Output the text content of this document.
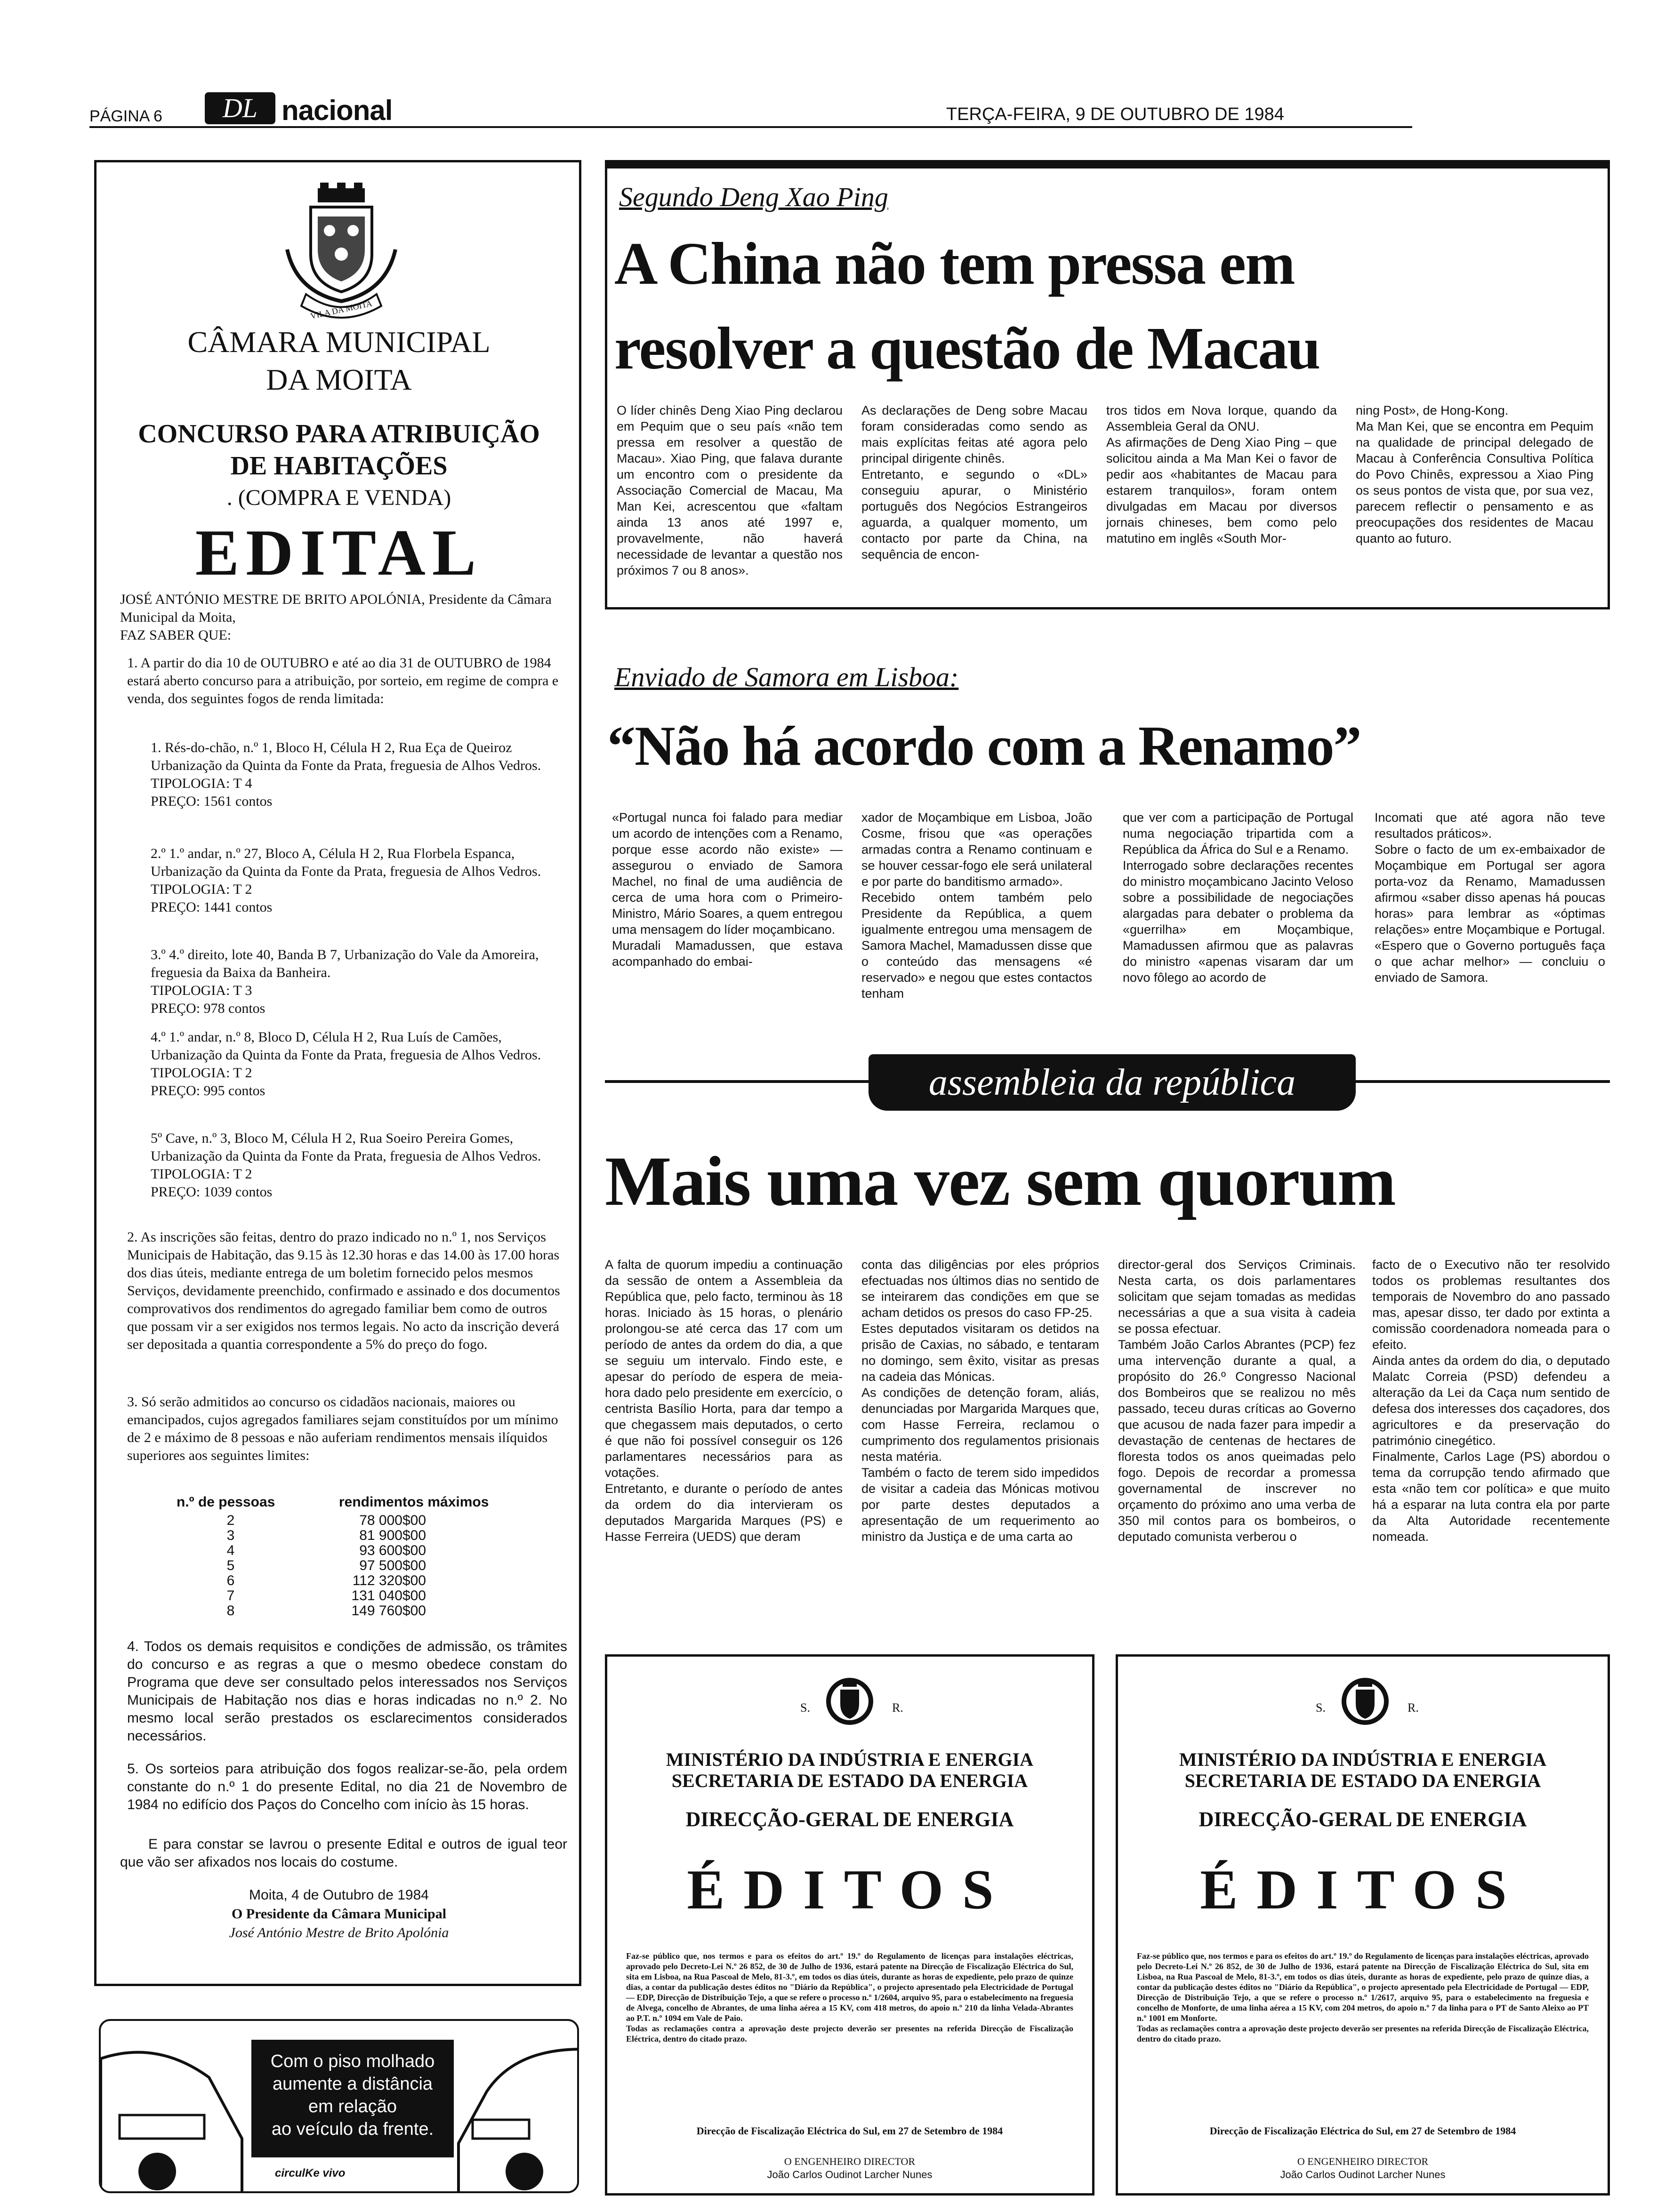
PÁGINA 6	DL nacional	TERÇA-FEIRA, 9 DE OUTUBRO DE 1984
VILA DA MOITA
CÂMARA MUNICIPAL
DA MOITA
CONCURSO PARA ATRIBUIÇÃO
DE HABITAÇÕES
. (COMPRA E VENDA)
EDITAL
JOSÉ ANTÓNIO MESTRE DE BRITO APOLÓNIA, Presidente da Câmara Municipal da Moita,
FAZ SABER QUE:
1. A partir do dia 10 de OUTUBRO e até ao dia 31 de OUTUBRO de 1984 estará aberto concurso para a atribuição, por sorteio, em regime de compra e venda, dos seguintes fogos de renda limitada:
1. Rés-do-chão, n.º 1, Bloco H, Célula H 2, Rua Eça de Queiroz Urbanização da Quinta da Fonte da Prata, freguesia de Alhos Vedros.
TIPOLOGIA: T 4
PREÇO: 1561 contos
2.º 1.º andar, n.º 27, Bloco A, Célula H 2, Rua Florbela Espanca, Urbanização da Quinta da Fonte da Prata, freguesia de Alhos Vedros.
TIPOLOGIA: T 2
PREÇO: 1441 contos
3.º 4.º direito, lote 40, Banda B 7, Urbanização do Vale da Amoreira, freguesia da Baixa da Banheira.
TIPOLOGIA: T 3
PREÇO: 978 contos
4.º 1.º andar, n.º 8, Bloco D, Célula H 2, Rua Luís de Camões, Urbanização da Quinta da Fonte da Prata, freguesia de Alhos Vedros.
TIPOLOGIA: T 2
PREÇO: 995 contos
5º Cave, n.º 3, Bloco M, Célula H 2, Rua Soeiro Pereira Gomes, Urbanização da Quinta da Fonte da Prata, freguesia de Alhos Vedros.
TIPOLOGIA: T 2
PREÇO: 1039 contos
2. As inscrições são feitas, dentro do prazo indicado no n.º 1, nos Serviços Municipais de Habitação, das 9.15 às 12.30 horas e das 14.00 às 17.00 horas dos dias úteis, mediante entrega de um boletim fornecido pelos mesmos Serviços, devidamente preenchido, confirmado e assinado e dos documentos comprovativos dos rendimentos do agregado familiar bem como de outros que possam vir a ser exigidos nos termos legais. No acto da inscrição deverá ser depositada a quantia correspondente a 5% do preço do fogo.
3. Só serão admitidos ao concurso os cidadãos nacionais, maiores ou emancipados, cujos agregados familiares sejam constituídos por um mínimo de 2 e máximo de 8 pessoas e não auferiam rendimentos mensais ilíquidos superiores aos seguintes limites:
n.º de pessoas	rendimentos máximos
2	78 000$00
3	81 900$00
4	93 600$00
5	97 500$00
6	112 320$00
7	131 040$00
8	149 760$00
4. Todos os demais requisitos e condições de admissão, os trâmites do concurso e as regras a que o mesmo obedece constam do Programa que deve ser consultado pelos interessados nos Serviços Municipais de Habitação nos dias e horas indicadas no n.º 2. No mesmo local serão prestados os esclarecimentos considerados necessários.
5. Os sorteios para atribuição dos fogos realizar-se-ão, pela ordem constante do n.º 1 do presente Edital, no dia 21 de Novembro de 1984 no edifício dos Paços do Concelho com início às 15 horas.
E para constar se lavrou o presente Edital e outros de igual teor que vão ser afixados nos locais do costume.
Moita, 4 de Outubro de 1984
O Presidente da Câmara Municipal
José António Mestre de Brito Apolónia
Com o piso molhado
aumente a distância
em relação
ao veículo da frente.
circulKe vivo
Segundo Deng Xao Ping
A China não tem pressa em
resolver a questão de Macau
O líder chinês Deng Xiao Ping declarou em Pequim que o seu país «não tem pressa em resolver a questão de Macau». Xiao Ping, que falava durante um encontro com o presidente da Associação Comercial de Macau, Ma Man Kei, acrescentou que «faltam ainda 13 anos até 1997 e, provavelmente, não haverá necessidade de levantar a questão nos próximos 7 ou 8 anos».
As declarações de Deng sobre Macau foram consideradas como sendo as mais explícitas feitas até agora pelo principal dirigente chinês.
Entretanto, e segundo o «DL» conseguiu apurar, o Ministério português dos Negócios Estrangeiros aguarda, a qualquer momento, um contacto por parte da China, na sequência de encon-
tros tidos em Nova Iorque, quando da Assembleia Geral da ONU.
As afirmações de Deng Xiao Ping – que solicitou ainda a Ma Man Kei o favor de pedir aos «habitantes de Macau para estarem tranquilos», foram ontem divulgadas em Macau por diversos jornais chineses, bem como pelo matutino em inglês «South Mor-
ning Post», de Hong-Kong.
Ma Man Kei, que se encontra em Pequim na qualidade de principal delegado de Macau à Conferência Consultiva Política do Povo Chinês, expressou a Xiao Ping os seus pontos de vista que, por sua vez, parecem reflectir o pensamento e as preocupações dos residentes de Macau quanto ao futuro.
Enviado de Samora em Lisboa:
“Não há acordo com a Renamo”
«Portugal nunca foi falado para mediar um acordo de intenções com a Renamo, porque esse acordo não existe» — assegurou o enviado de Samora Machel, no final de uma audiência de cerca de uma hora com o Primeiro-Ministro, Mário Soares, a quem entregou uma mensagem do líder moçambicano.
Muradali Mamadussen, que estava acompanhado do embai-
xador de Moçambique em Lisboa, João Cosme, frisou que «as operações armadas contra a Renamo continuam e se houver cessar-fogo ele será unilateral e por parte do banditismo armado».
Recebido ontem também pelo Presidente da República, a quem igualmente entregou uma mensagem de Samora Machel, Mamadussen disse que o conteúdo das mensagens «é reservado» e negou que estes contactos tenham
que ver com a participação de Portugal numa negociação tripartida com a República da África do Sul e a Renamo.
Interrogado sobre declarações recentes do ministro moçambicano Jacinto Veloso sobre a possibilidade de negociações alargadas para debater o problema da «guerrilha» em Moçambique, Mamadussen afirmou que as palavras do ministro «apenas visaram dar um novo fôlego ao acordo de
Incomati que até agora não teve resultados práticos».
Sobre o facto de um ex-embaixador de Moçambique em Portugal ser agora porta-voz da Renamo, Mamadussen afirmou «saber disso apenas há poucas horas» para lembrar as «óptimas relações» entre Moçambique e Portugal. «Espero que o Governo português faça o que achar melhor» — concluiu o enviado de Samora.
assembleia da república
Mais uma vez sem quorum
A falta de quorum impediu a continuação da sessão de ontem a Assembleia da República que, pelo facto, terminou às 18 horas. Iniciado às 15 horas, o plenário prolongou-se até cerca das 17 com um período de antes da ordem do dia, a que se seguiu um intervalo. Findo este, e apesar do período de espera de meia-hora dado pelo presidente em exercício, o centrista Basílio Horta, para dar tempo a que chegassem mais deputados, o certo é que não foi possível conseguir os 126 parlamentares necessários para as votações.
Entretanto, e durante o período de antes da ordem do dia intervieram os deputados Margarida Marques (PS) e Hasse Ferreira (UEDS) que deram
conta das diligências por eles próprios efectuadas nos últimos dias no sentido de se inteirarem das condições em que se acham detidos os presos do caso FP-25.
Estes deputados visitaram os detidos na prisão de Caxias, no sábado, e tentaram no domingo, sem êxito, visitar as presas na cadeia das Mónicas.
As condições de detenção foram, aliás, denunciadas por Margarida Marques que, com Hasse Ferreira, reclamou o cumprimento dos regulamentos prisionais nesta matéria.
Também o facto de terem sido impedidos de visitar a cadeia das Mónicas motivou por parte destes deputados a apresentação de um requerimento ao ministro da Justiça e de uma carta ao
director-geral dos Serviços Criminais. Nesta carta, os dois parlamentares solicitam que sejam tomadas as medidas necessárias a que a sua visita à cadeia se possa efectuar.
Também João Carlos Abrantes (PCP) fez uma intervenção durante a qual, a propósito do 26.º Congresso Nacional dos Bombeiros que se realizou no mês passado, teceu duras críticas ao Governo que acusou de nada fazer para impedir a devastação de centenas de hectares de floresta todos os anos queimadas pelo fogo. Depois de recordar a promessa governamental de inscrever no orçamento do próximo ano uma verba de 350 mil contos para os bombeiros, o deputado comunista verberou o
facto de o Executivo não ter resolvido todos os problemas resultantes dos temporais de Novembro do ano passado mas, apesar disso, ter dado por extinta a comissão coordenadora nomeada para o efeito.
Ainda antes da ordem do dia, o deputado Malatc Correia (PSD) defendeu a alteração da Lei da Caça num sentido de defesa dos interesses dos caçadores, dos agricultores e da preservação do património cinegético.
Finalmente, Carlos Lage (PS) abordou o tema da corrupção tendo afirmado que esta «não tem cor política» e que muito há a esparar na luta contra ela por parte da Alta Autoridade recentemente nomeada.
S.	R.
MINISTÉRIO DA INDÚSTRIA E ENERGIA
SECRETARIA DE ESTADO DA ENERGIA
DIRECÇÃO-GERAL DE ENERGIA
ÉDITOS
Faz-se público que, nos termos e para os efeitos do art.º 19.º do Regulamento de licenças para instalações eléctricas, aprovado pelo Decreto-Lei N.º 26 852, de 30 de Julho de 1936, estará patente na Direcção de Fiscalização Eléctrica do Sul, sita em Lisboa, na Rua Pascoal de Melo, 81-3.º, em todos os dias úteis, durante as horas de expediente, pelo prazo de quinze dias, a contar da publicação destes éditos no "Diário da República", o projecto apresentado pela Electricidade de Portugal — EDP, Direcção de Distribuição Tejo, a que se refere o processo n.º 1/2604, arquivo 95, para o estabelecimento na freguesia de Alvega, concelho de Abrantes, de uma linha aérea a 15 KV, com 418 metros, do apoio n.º 210 da linha Velada-Abrantes ao P.T. n.º 1094 em Vale de Paio.
Todas as reclamações contra a aprovação deste projecto deverão ser presentes na referida Direcção de Fiscalização Eléctrica, dentro do citado prazo.
Direcção de Fiscalização Eléctrica do Sul, em 27 de Setembro de 1984
O ENGENHEIRO DIRECTOR
João Carlos Oudinot Larcher Nunes
S.	R.
MINISTÉRIO DA INDÚSTRIA E ENERGIA
SECRETARIA DE ESTADO DA ENERGIA
DIRECÇÃO-GERAL DE ENERGIA
ÉDITOS
Faz-se público que, nos termos e para os efeitos do art.º 19.º do Regulamento de licenças para instalações eléctricas, aprovado pelo Decreto-Lei N.º 26 852, de 30 de Julho de 1936, estará patente na Direcção de Fiscalização Eléctrica do Sul, sita em Lisboa, na Rua Pascoal de Melo, 81-3.º, em todos os dias úteis, durante as horas de expediente, pelo prazo de quinze dias, a contar da publicação destes éditos no "Diário da República", o projecto apresentado pela Electricidade de Portugal — EDP, Direcção de Distribuição Tejo, a que se refere o processo n.º 1/2617, arquivo 95, para o estabelecimento na freguesia e concelho de Monforte, de uma linha aérea a 15 KV, com 204 metros, do apoio n.º 7 da linha para o PT de Santo Aleixo ao PT n.º 1001 em Monforte.
Todas as reclamações contra a aprovação deste projecto deverão ser presentes na referida Direcção de Fiscalização Eléctrica, dentro do citado prazo.
Direcção de Fiscalização Eléctrica do Sul, em 27 de Setembro de 1984
O ENGENHEIRO DIRECTOR
João Carlos Oudinot Larcher Nunes
